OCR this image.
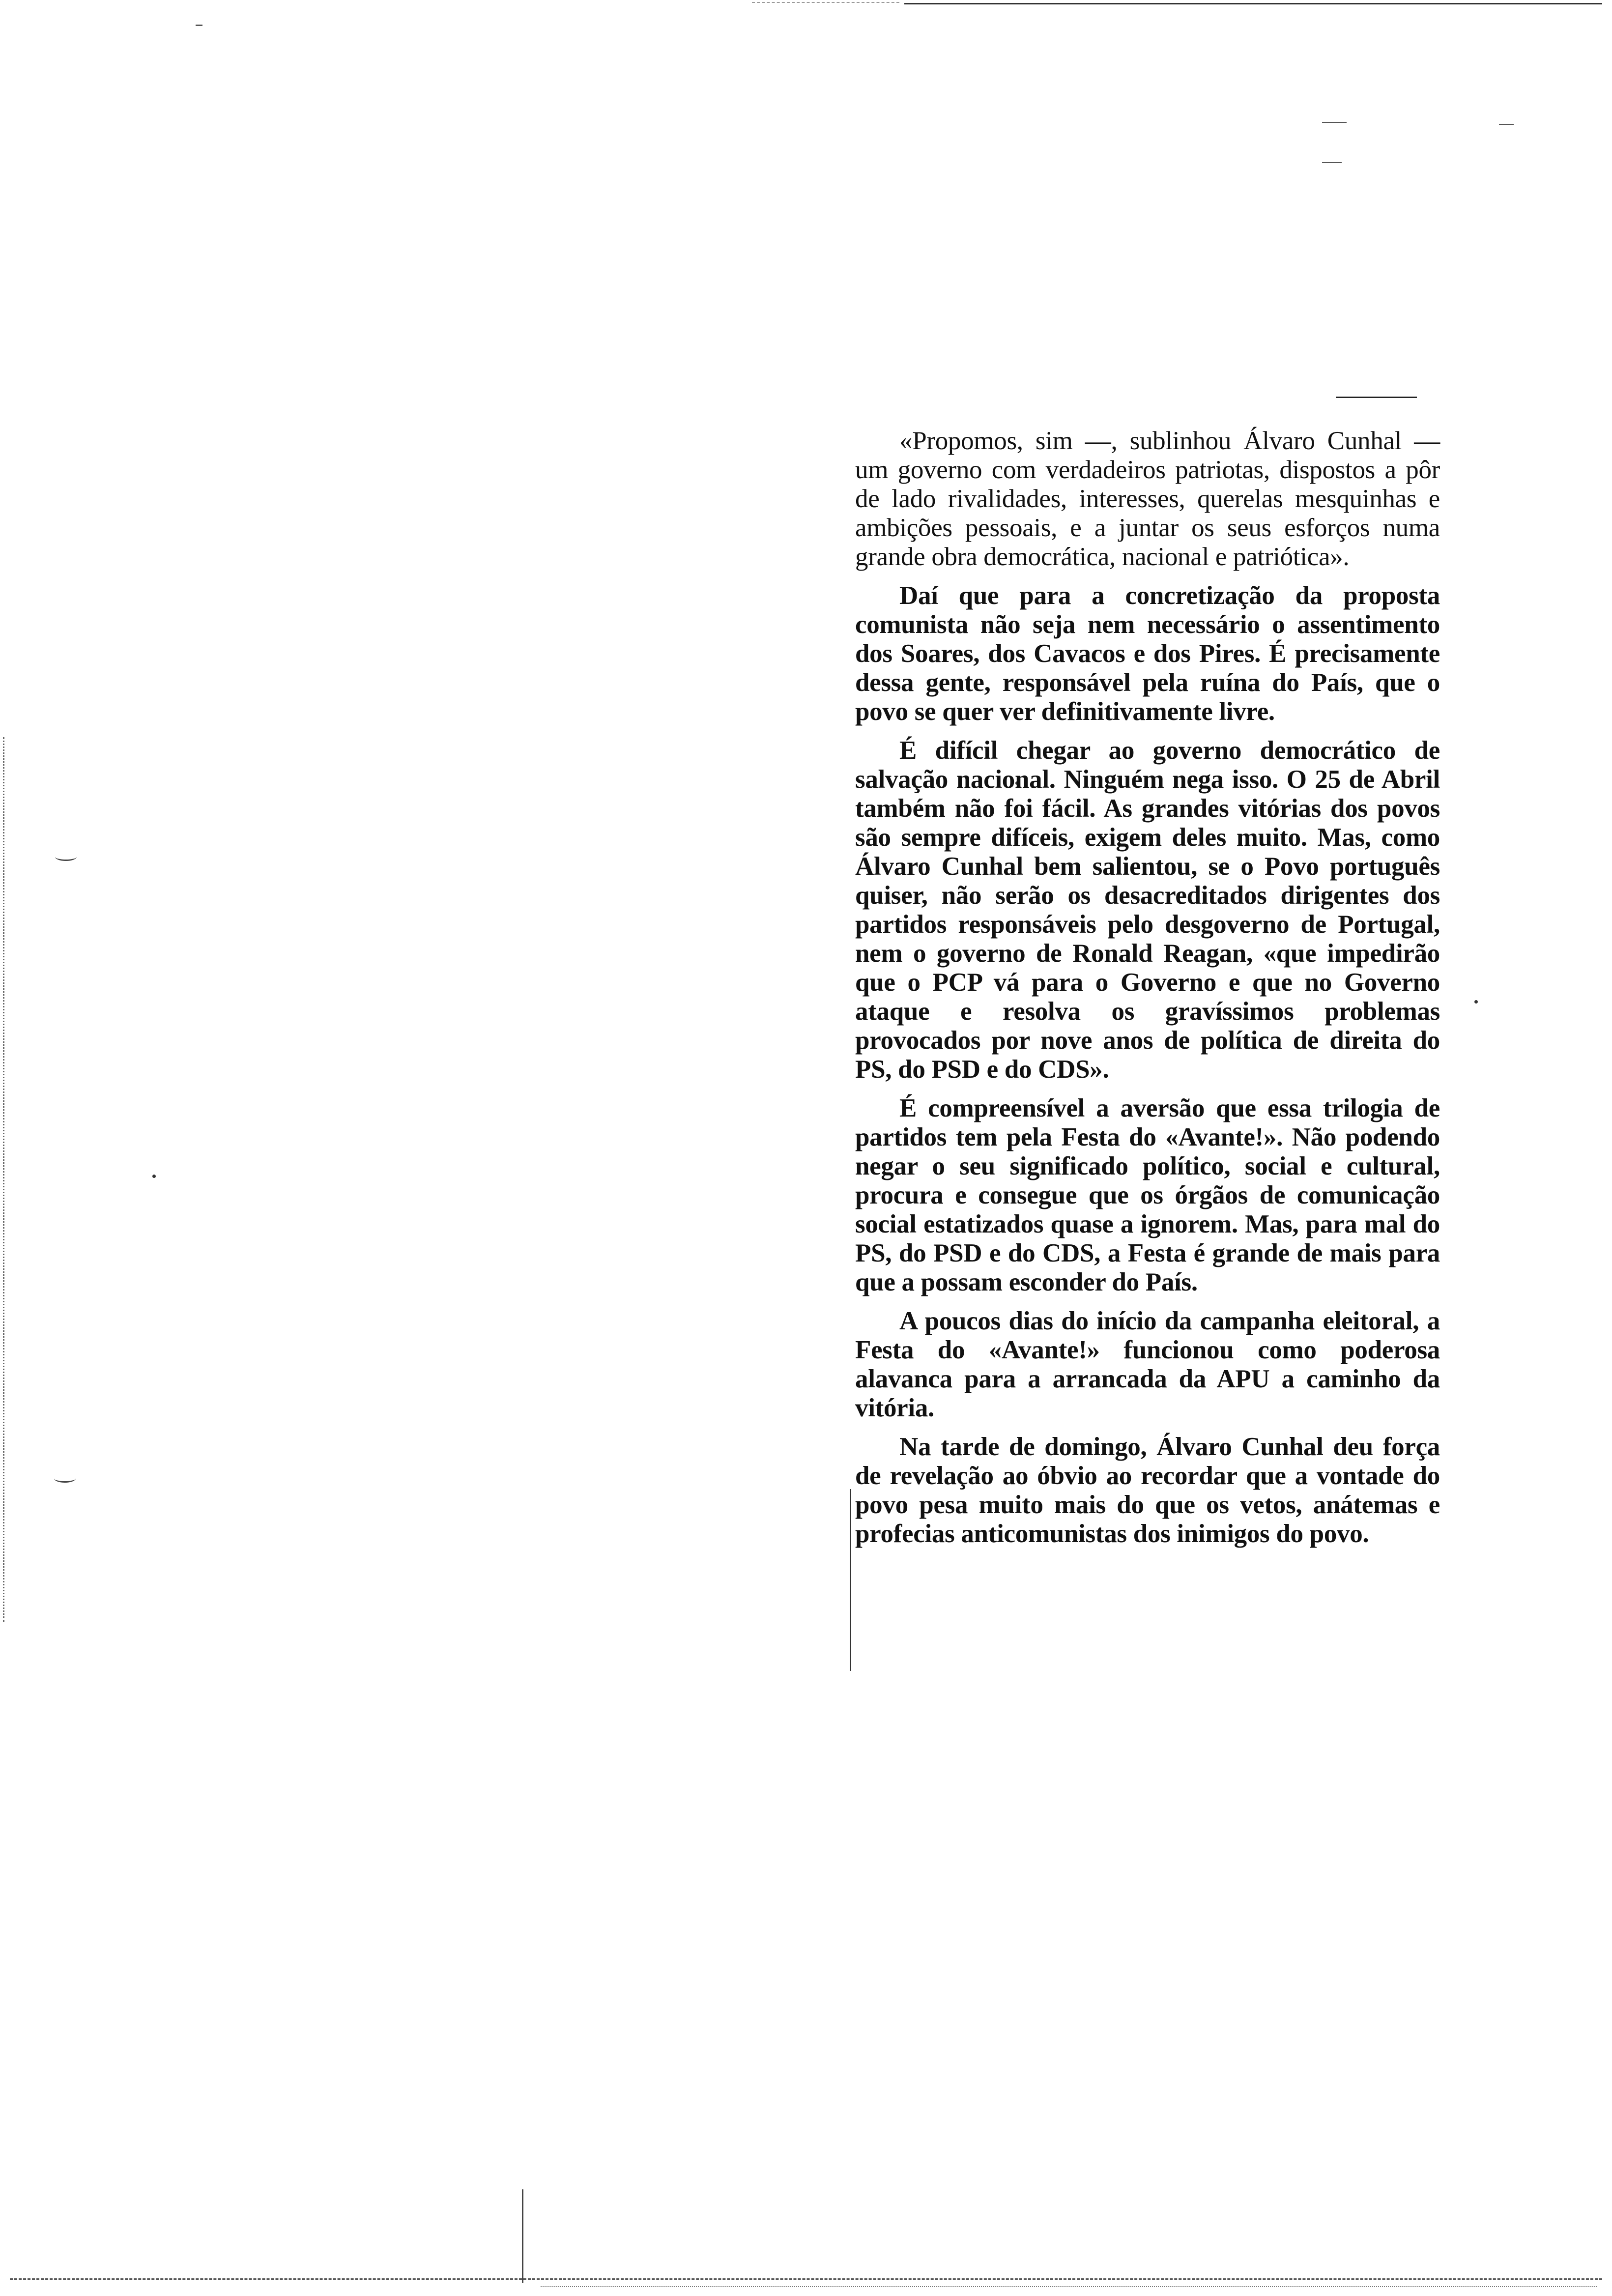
«Propomos, sim —, sublinhou Álvaro Cunhal — um governo com verdadeiros patriotas, dispostos a pôr de lado rivalidades, interesses, querelas mesquinhas e ambições pessoais, e a juntar os seus esforços numa grande obra democrática, nacional e patriótica».

Daí que para a concretização da proposta comunista não seja nem necessário o assentimento dos Soares, dos Cavacos e dos Pires. É precisamente dessa gente, responsável pela ruína do País, que o povo se quer ver definitivamente livre.

É difícil chegar ao governo democrático de salvação nacional. Ninguém nega isso. O 25 de Abril também não foi fácil. As grandes vitórias dos povos são sempre difíceis, exigem deles muito. Mas, como Álvaro Cunhal bem salientou, se o Povo português quiser, não serão os desacreditados dirigentes dos partidos responsáveis pelo desgoverno de Portugal, nem o governo de Ronald Reagan, «que impedirão que o PCP vá para o Governo e que no Governo ataque e resolva os gravíssimos problemas provocados por nove anos de política de direita do PS, do PSD e do CDS».

É compreensível a aversão que essa trilogia de partidos tem pela Festa do «Avante!». Não podendo negar o seu significado político, social e cultural, procura e consegue que os órgãos de comunicação social estatizados quase a ignorem. Mas, para mal do PS, do PSD e do CDS, a Festa é grande de mais para que a possam esconder do País.

A poucos dias do início da campanha eleitoral, a Festa do «Avante!» funcionou como poderosa alavanca para a arrancada da APU a caminho da vitória.

Na tarde de domingo, Álvaro Cunhal deu força de revelação ao óbvio ao recordar que a vontade do povo pesa muito mais do que os vetos, anátemas e profecias anticomunistas dos inimigos do povo.
